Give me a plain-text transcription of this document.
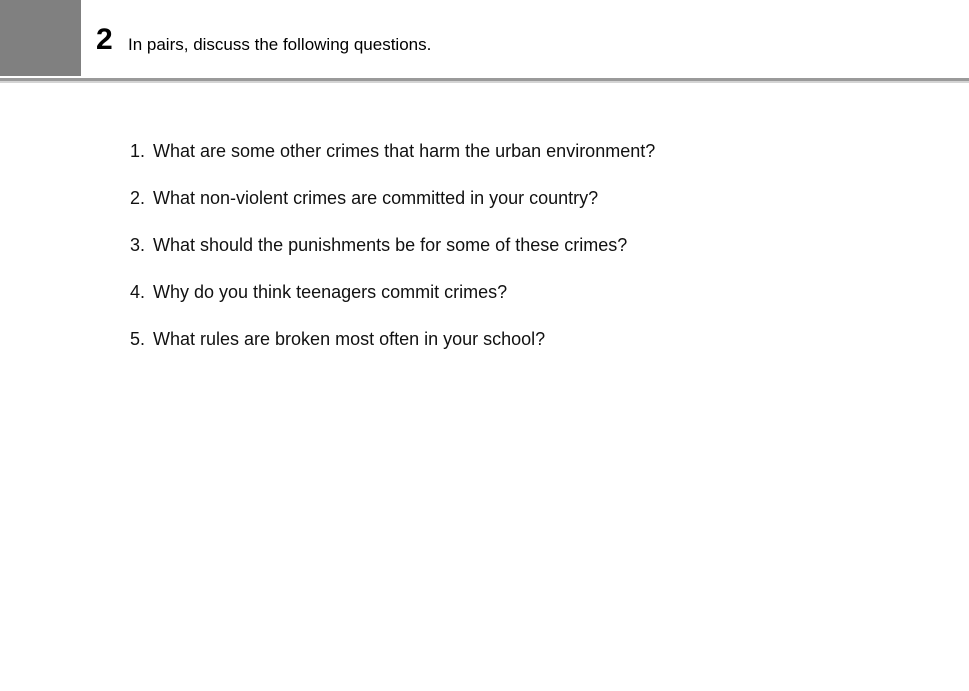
2 In pairs, discuss the following questions.
1. What are some other crimes that harm the urban environment?
2. What non-violent crimes are committed in your country?
3. What should the punishments be for some of these crimes?
4. Why do you think teenagers commit crimes?
5. What rules are broken most often in your school?
